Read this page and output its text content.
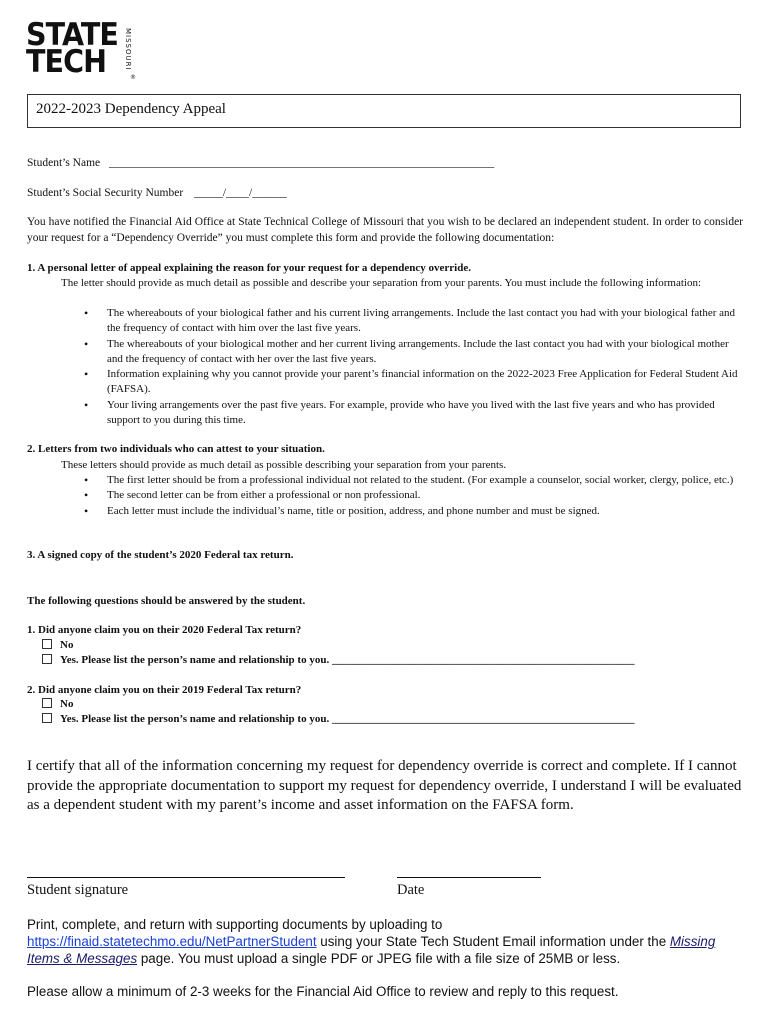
STATE
TECH	MISSOURI
®
2022-2023 Dependency Appeal
Student’s Name ___________________________________________________________________
Student’s Social Security Number _____/____/______
You have notified the Financial Aid Office at State Technical College of Missouri that you wish to be declared an independent student. In order to consider your request for a “Dependency Override” you must complete this form and provide the following documentation:
1. A personal letter of appeal explaining the reason for your request for a dependency override.
The letter should provide as much detail as possible and describe your separation from your parents. You must include the following information:
• The whereabouts of your biological father and his current living arrangements. Include the last contact you had with your biological father and the frequency of contact with him over the last five years.
• The whereabouts of your biological mother and her current living arrangements. Include the last contact you had with your biological mother and the frequency of contact with her over the last five years.
• Information explaining why you cannot provide your parent’s financial information on the 2022-2023 Free Application for Federal Student Aid (FAFSA).
• Your living arrangements over the past five years. For example, provide who have you lived with the last five years and who has provided support to you during this time.
2. Letters from two individuals who can attest to your situation.
These letters should provide as much detail as possible describing your separation from your parents.
• The first letter should be from a professional individual not related to the student. (For example a counselor, social worker, clergy, police, etc.)
• The second letter can be from either a professional or non professional.
• Each letter must include the individual’s name, title or position, address, and phone number and must be signed.
3. A signed copy of the student’s 2020 Federal tax return.
The following questions should be answered by the student.
1. Did anyone claim you on their 2020 Federal Tax return?
No
Yes. Please list the person’s name and relationship to you. _______________________________________________________
2. Did anyone claim you on their 2019 Federal Tax return?
No
Yes. Please list the person’s name and relationship to you. _______________________________________________________
I certify that all of the information concerning my request for dependency override is correct and complete. If I cannot provide the appropriate documentation to support my request for dependency override, I understand I will be evaluated as a dependent student with my parent’s income and asset information on the FAFSA form.
Student signature	Date
Print, complete, and return with supporting documents by uploading to
https://finaid.statetechmo.edu/NetPartnerStudent using your State Tech Student Email information under the Missing Items & Messages page. You must upload a single PDF or JPEG file with a file size of 25MB or less.
Please allow a minimum of 2-3 weeks for the Financial Aid Office to review and reply to this request.
